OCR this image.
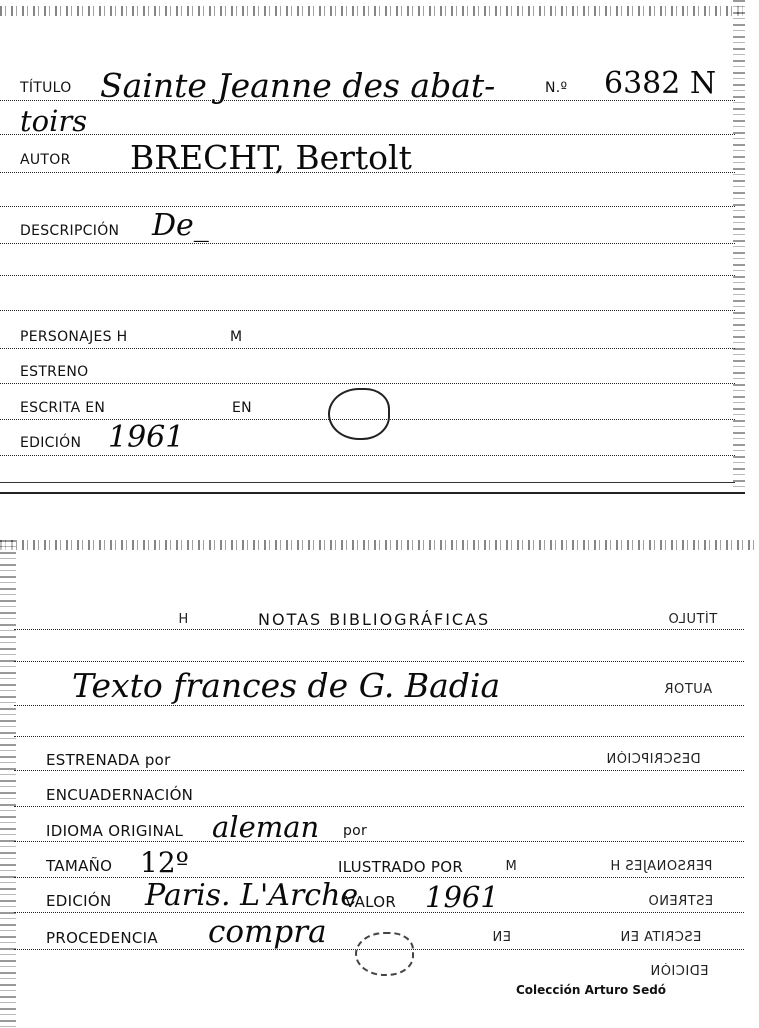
TÍTULO Sainte Jeanne des abat-	N.º 6382 N
toirs
AUTOR BRECHT, Bertolt
DESCRIPCIÓN De_
PERSONAJES H	M
ESTRENO
ESCRITA EN	EN
EDICIÓN 1961
H	NOTAS BIBLIOGRÁFICAS	TÍTULO
Texto frances de G. Badia	AUTOR
ESTRENADA por	DESCRIPCIÓN
ENCUADERNACIÓN
IDIOMA ORIGINAL aleman por
TAMAÑO 12º	ILUSTRADO POR	M	PERSONAJES H
EDICIÓN Paris. L'Arche
VALOR 1961	ESTRENO
PROCEDENCIA compra	EN	ESCRITA EN
EDICIÓN
Colección Arturo Sedó
